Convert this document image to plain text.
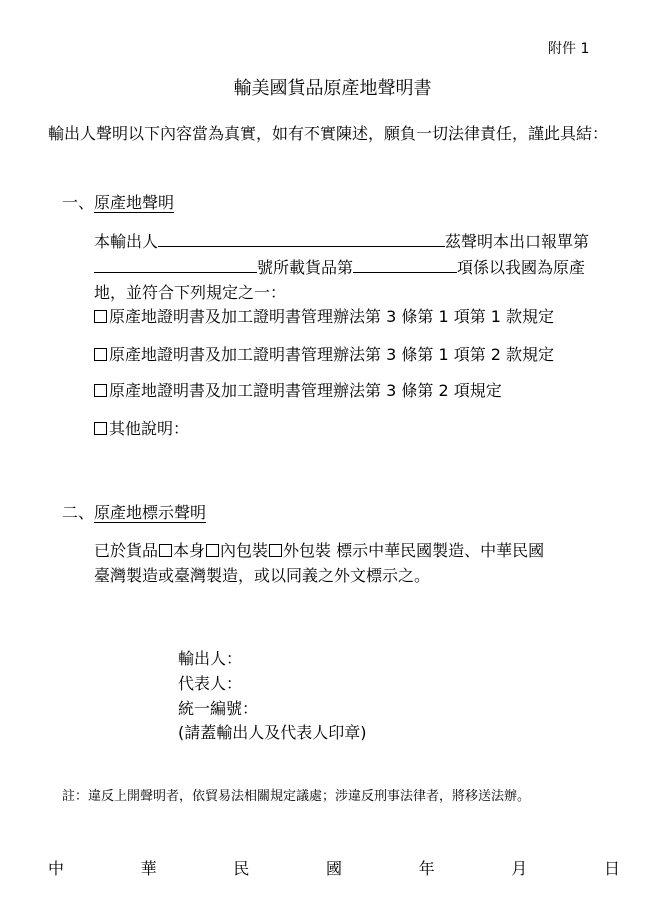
附件 1
輸美國貨品原產地聲明書
輸出人聲明以下內容當為真實，如有不實陳述，願負一切法律責任，謹此具結：
一、原產地聲明
本輸出人	茲聲明本出口報單第
號所載貨品第	項係以我國為原產
地，並符合下列規定之一：
原產地證明書及加工證明書管理辦法第 3 條第 1 項第 1 款規定
原產地證明書及加工證明書管理辦法第 3 條第 1 項第 2 款規定
原產地證明書及加工證明書管理辦法第 3 條第 2 項規定
其他說明：
二、原產地標示聲明
已於貨品 本身 內包裝 外包裝 標示中華民國製造、中華民國
臺灣製造或臺灣製造，或以同義之外文標示之。
輸出人：
代表人：
統一編號：
(請蓋輸出人及代表人印章)
註：違反上開聲明者，依貿易法相關規定議處；涉違反刑事法律者，將移送法辦。
中	華	民	國	年	月	日
